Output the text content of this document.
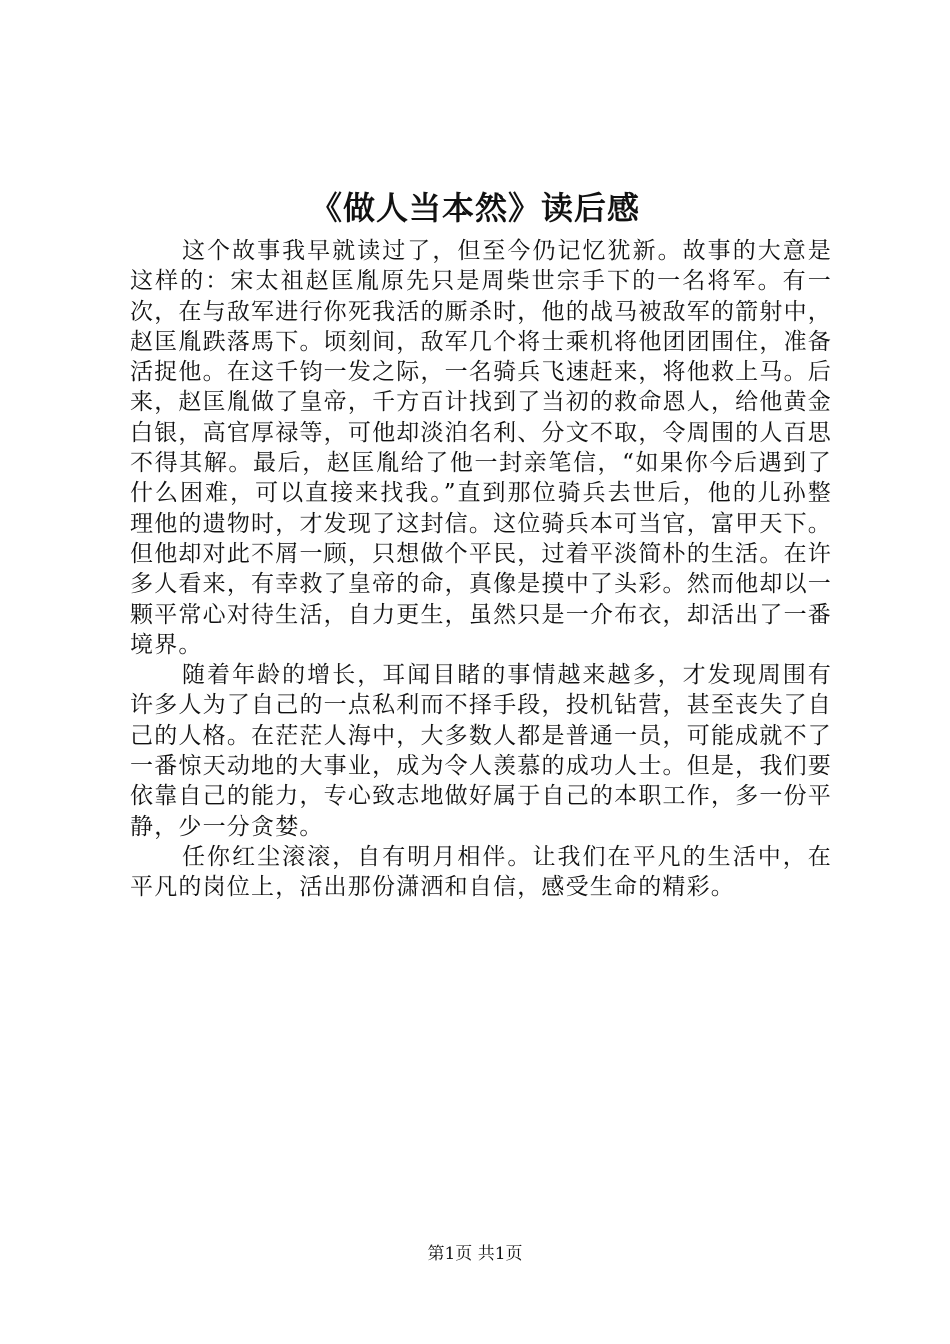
《做人当本然》读后感

这个故事我早就读过了，但至今仍记忆犹新。故事的大意是这样的：宋太祖赵匡胤原先只是周柴世宗手下的一名将军。有一次，在与敌军进行你死我活的厮杀时，他的战马被敌军的箭射中，赵匡胤跌落馬下。顷刻间，敌军几个将士乘机将他团团围住，准备活捉他。在这千钧一发之际，一名骑兵飞速赶来，将他救上马。后来，赵匡胤做了皇帝，千方百计找到了当初的救命恩人，给他黄金白银，高官厚禄等，可他却淡泊名利、分文不取，令周围的人百思不得其解。最后，赵匡胤给了他一封亲笔信，“如果你今后遇到了什么困难，可以直接来找我。”直到那位骑兵去世后，他的儿孙整理他的遗物时，才发现了这封信。这位骑兵本可当官，富甲天下。但他却对此不屑一顾，只想做个平民，过着平淡简朴的生活。在许多人看来，有幸救了皇帝的命，真像是摸中了头彩。然而他却以一颗平常心对待生活，自力更生，虽然只是一介布衣，却活出了一番境界。

随着年龄的增长，耳闻目睹的事情越来越多，才发现周围有许多人为了自己的一点私利而不择手段，投机钻营，甚至丧失了自己的人格。在茫茫人海中，大多数人都是普通一员，可能成就不了一番惊天动地的大事业，成为令人羡慕的成功人士。但是，我们要依靠自己的能力，专心致志地做好属于自己的本职工作，多一份平静，少一分贪婪。

任你红尘滚滚，自有明月相伴。让我们在平凡的生活中，在平凡的岗位上，活出那份潇洒和自信，感受生命的精彩。

第1页 共1页
